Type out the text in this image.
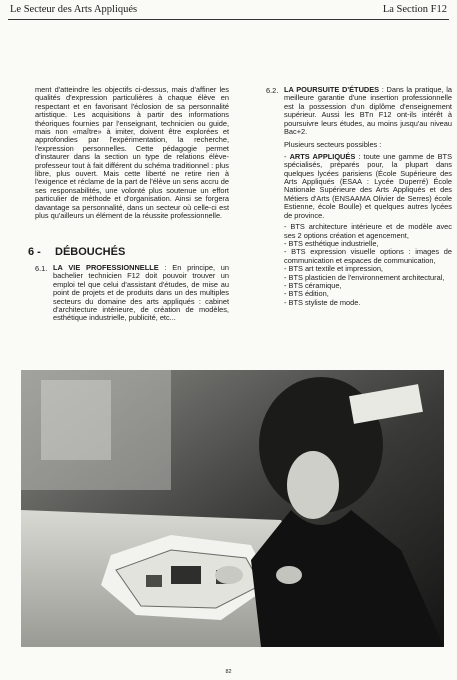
Le Secteur des Arts Appliqués	La Section F12

ment d'atteindre les objectifs ci-dessus, mais d'affiner les qualités d'expression particulières à chaque élève en respectant et en favorisant l'éclosion de sa personnalité artistique. Les acquisitions à partir des informations théoriques fournies par l'enseignant, technicien ou guide, mais non «maître» à imiter, doivent être explorées et approfondies par l'expérimentation, la recherche, l'expression personnelles. Cette pédagogie permet d'instaurer dans la section un type de relations élève-professeur tout à fait différent du schéma traditionnel : plus libre, plus ouvert. Mais cette liberté ne retire rien à l'exigence et réclame de la part de l'élève un sens accru de ses responsabilités, une volonté plus soutenue un effort particulier de méthode et d'organisation. Ainsi se forgera davantage sa personnalité, dans un secteur où celle-ci est plus qu'ailleurs un élément de la réussite professionnelle.

6 - DÉBOUCHÉS
6.1. LA VIE PROFESSIONNELLE : En principe, un bachelier technicien F12 doit pouvoir trouver un emploi tel que celui d'assistant d'études, de mise au point de projets et de produits dans un des multiples secteurs du domaine des arts appliqués : cabinet d'architecture intérieure, de création de modèles, esthétique industrielle, publicité, etc...

6.2. LA POURSUITE D'ÉTUDES : Dans la pratique, la meilleure garantie d'une insertion professionnelle est la possession d'un diplôme d'enseignement supérieur. Aussi les BTn F12 ont-ils intérêt à poursuivre leurs études, au moins jusqu'au niveau Bac+2.

Plusieurs secteurs possibles :

- ARTS APPLIQUÉS : toute une gamme de BTS spécialisés, préparés pour, la plupart dans quelques lycées parisiens (École Supérieure des Arts Appliqués (ESAA : Lycée Duperré) École Nationale Supérieure des Arts Appliqués et des Métiers d'Arts (ENSAAMA Olivier de Serres) école Estienne, école Boulle) et quelques autres lycées de province.

- BTS architecture intérieure et de modèle avec ses 2 options création et agencement,
- BTS esthétique industrielle,
- BTS expression visuelle options : images de communication et espaces de communication,
- BTS art textile et impression,
- BTS plasticien de l'environnement architectural,
- BTS céramique,
- BTS édition,
- BTS styliste de mode.
82
